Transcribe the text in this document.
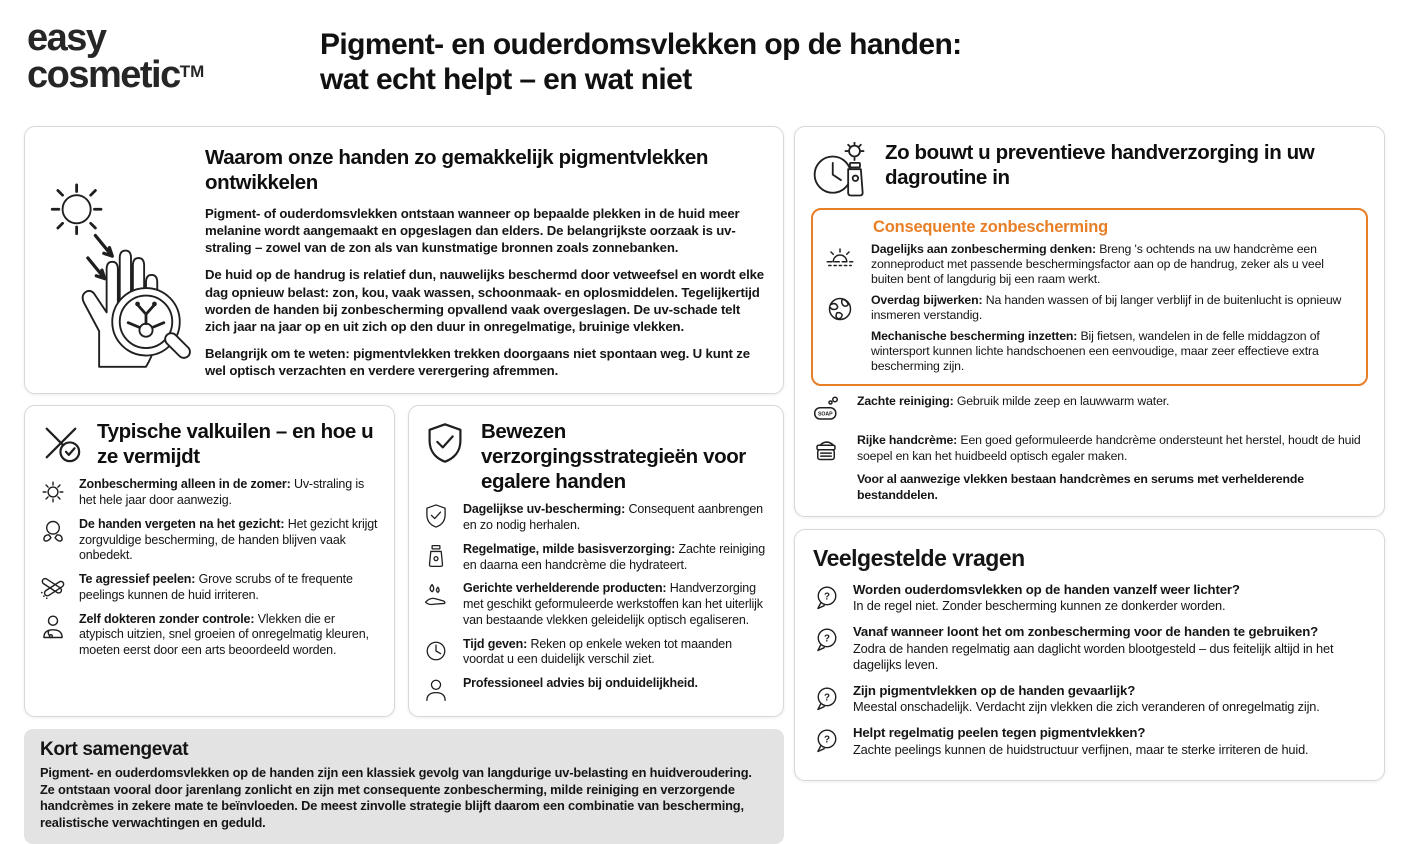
easy
cosmetic™
Pigment- en ouderdomsvlekken op de handen:
wat echt helpt – en wat niet
Waarom onze handen zo gemakkelijk pigmentvlekken ontwikkelen

Pigment- of ouderdomsvlekken ontstaan wanneer op bepaalde plekken in de huid meer melanine wordt aangemaakt en opgeslagen dan elders. De belangrijkste oorzaak is uv-straling – zowel van de zon als van kunstmatige bronnen zoals zonnebanken.

De huid op de handrug is relatief dun, nauwelijks beschermd door vetweefsel en wordt elke dag opnieuw belast: zon, kou, vaak wassen, schoonmaak- en oplosmiddelen. Tegelijkertijd worden de handen bij zonbescherming opvallend vaak overgeslagen. De uv-schade telt zich jaar na jaar op en uit zich op den duur in onregelmatige, bruinige vlekken.

Belangrijk om te weten: pigmentvlekken trekken doorgaans niet spontaan weg. U kunt ze wel optisch verzachten en verdere verergering afremmen.

Typische valkuilen – en hoe u ze vermijdt

Zonbescherming alleen in de zomer: Uv-straling is het hele jaar door aanwezig.

De handen vergeten na het gezicht: Het gezicht krijgt zorgvuldige bescherming, de handen blijven vaak onbedekt.

Te agressief peelen: Grove scrubs of te frequente peelings kunnen de huid irriteren.

Zelf dokteren zonder controle: Vlekken die er atypisch uitzien, snel groeien of onregelmatig kleuren, moeten eerst door een arts beoordeeld worden.

Bewezen verzorgingsstrategieën voor egalere handen

Dagelijkse uv-bescherming: Consequent aanbrengen en zo nodig herhalen.

Regelmatige, milde basisverzorging: Zachte reiniging en daarna een handcrème die hydrateert.

Gerichte verhelderende producten: Handverzorging met geschikt geformuleerde werkstoffen kan het uiterlijk van bestaande vlekken geleidelijk optisch egaliseren.

Tijd geven: Reken op enkele weken tot maanden voordat u een duidelijk verschil ziet.

Professioneel advies bij onduidelijkheid.

Kort samengevat

Pigment- en ouderdomsvlekken op de handen zijn een klassiek gevolg van langdurige uv-belasting en huidveroudering. Ze ontstaan vooral door jarenlang zonlicht en zijn met consequente zonbescherming, milde reiniging en verzorgende handcrèmes in zekere mate te beïnvloeden. De meest zinvolle strategie blijft daarom een combinatie van bescherming, realistische verwachtingen en geduld.

Zo bouwt u preventieve handverzorging in uw dagroutine in
Consequente zonbescherming

Dagelijks aan zonbescherming denken: Breng 's ochtends na uw handcrème een zonneproduct met passende beschermingsfactor aan op de handrug, zeker als u veel buiten bent of langdurig bij een raam werkt.

Overdag bijwerken: Na handen wassen of bij langer verblijf in de buitenlucht is opnieuw insmeren verstandig.

Mechanische bescherming inzetten: Bij fietsen, wandelen in de felle middagzon of wintersport kunnen lichte handschoenen een eenvoudige, maar zeer effectieve extra bescherming zijn.

SOAP

Zachte reiniging: Gebruik milde zeep en lauwwarm water.

Rijke handcrème: Een goed geformuleerde handcrème ondersteunt het herstel, houdt de huid soepel en kan het huidbeeld optisch egaler maken.

Voor al aanwezige vlekken bestaan handcrèmes en serums met verhelderende bestanddelen.

Veelgestelde vragen
? Worden ouderdomsvlekken op de handen vanzelf weer lichter?
In de regel niet. Zonder bescherming kunnen ze donkerder worden.
? Vanaf wanneer loont het om zonbescherming voor de handen te gebruiken?
Zodra de handen regelmatig aan daglicht worden blootgesteld – dus feitelijk altijd in het dagelijks leven.
? Zijn pigmentvlekken op de handen gevaarlijk?
Meestal onschadelijk. Verdacht zijn vlekken die zich veranderen of onregelmatig zijn.
? Helpt regelmatig peelen tegen pigmentvlekken?
Zachte peelings kunnen de huidstructuur verfijnen, maar te sterke irriteren de huid.
